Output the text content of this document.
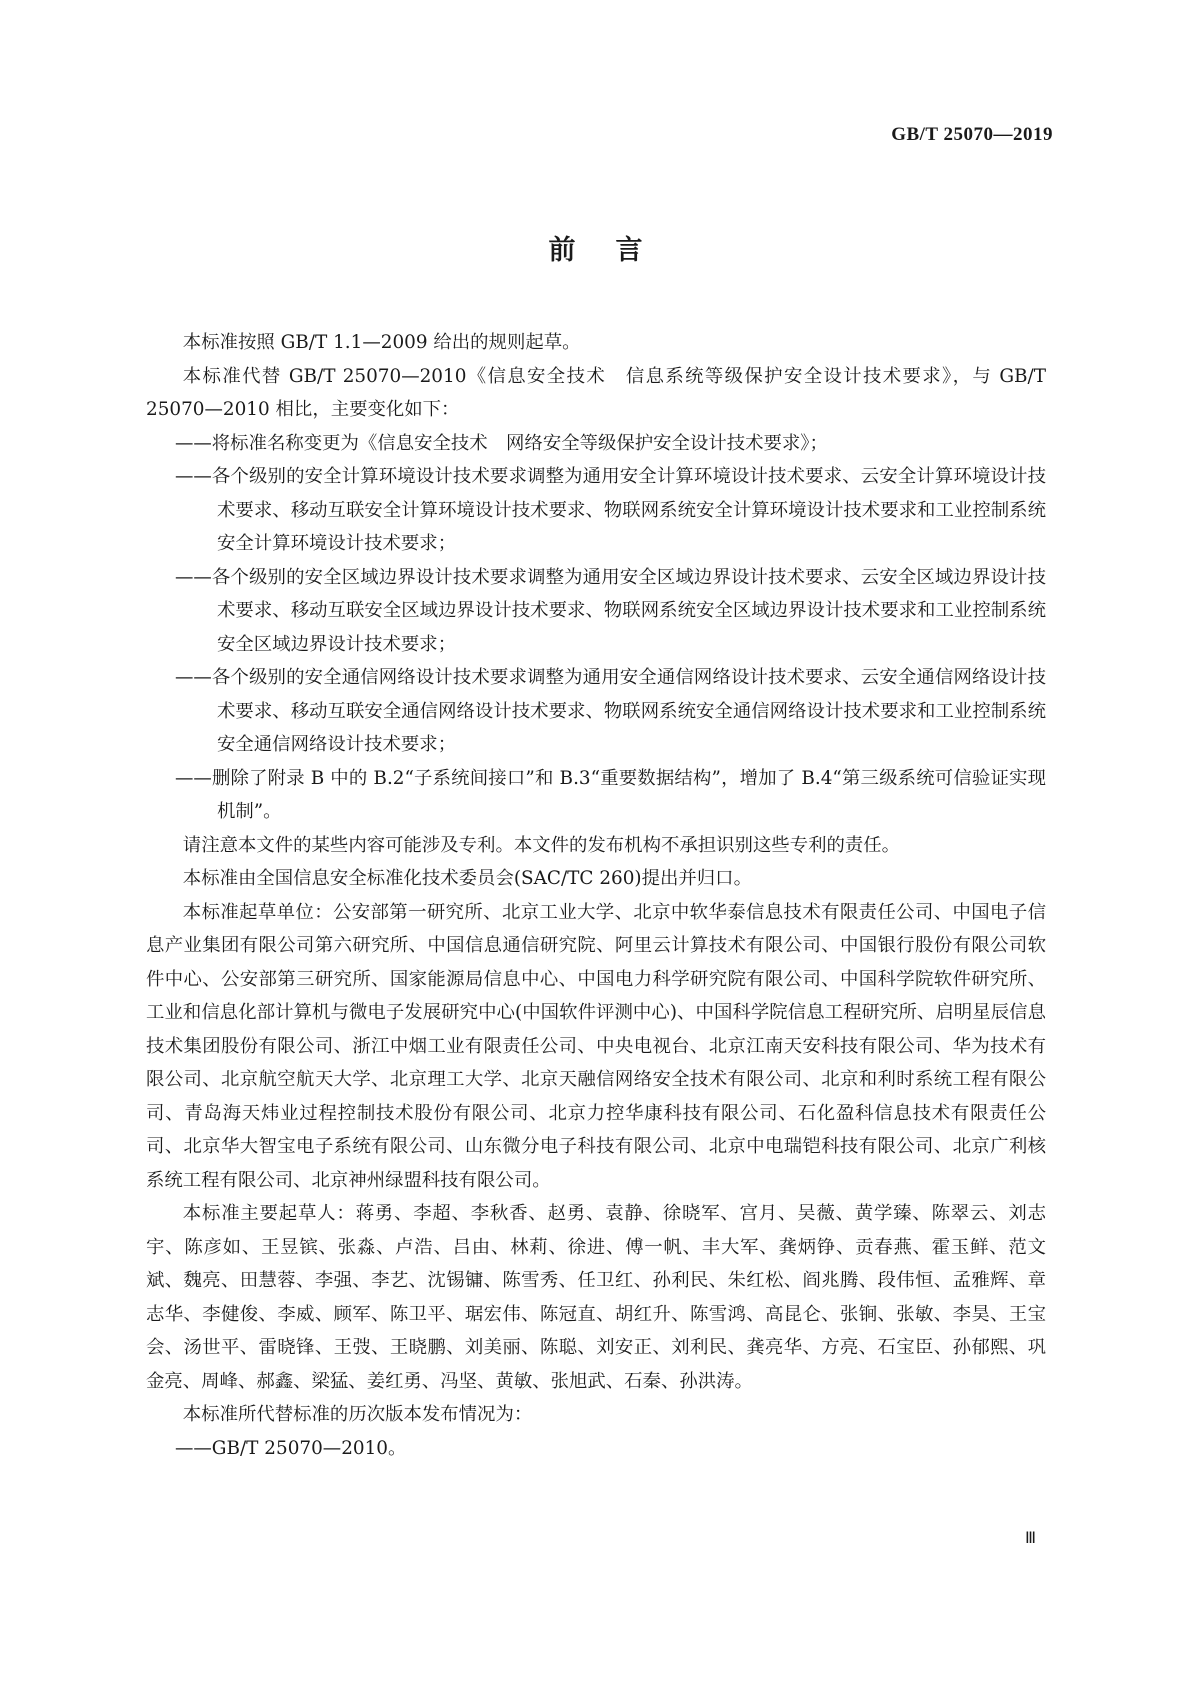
GB/T 25070—2019
前言

本标准按照 GB/T 1.1—2009 给出的规则起草。

本标准代替 GB/T 25070—2010《信息安全技术　信息系统等级保护安全设计技术要求》，与 GB/T 25070—2010 相比，主要变化如下：

——将标准名称变更为《信息安全技术　网络安全等级保护安全设计技术要求》；

——各个级别的安全计算环境设计技术要求调整为通用安全计算环境设计技术要求、云安全计算环境设计技术要求、移动互联安全计算环境设计技术要求、物联网系统安全计算环境设计技术要求和工业控制系统安全计算环境设计技术要求；

——各个级别的安全区域边界设计技术要求调整为通用安全区域边界设计技术要求、云安全区域边界设计技术要求、移动互联安全区域边界设计技术要求、物联网系统安全区域边界设计技术要求和工业控制系统安全区域边界设计技术要求；

——各个级别的安全通信网络设计技术要求调整为通用安全通信网络设计技术要求、云安全通信网络设计技术要求、移动互联安全通信网络设计技术要求、物联网系统安全通信网络设计技术要求和工业控制系统安全通信网络设计技术要求；

——删除了附录 B 中的 B.2“子系统间接口”和 B.3“重要数据结构”，增加了 B.4“第三级系统可信验证实现机制”。

请注意本文件的某些内容可能涉及专利。本文件的发布机构不承担识别这些专利的责任。

本标准由全国信息安全标准化技术委员会(SAC/TC 260)提出并归口。

本标准起草单位：公安部第一研究所、北京工业大学、北京中软华泰信息技术有限责任公司、中国电子信息产业集团有限公司第六研究所、中国信息通信研究院、阿里云计算技术有限公司、中国银行股份有限公司软件中心、公安部第三研究所、国家能源局信息中心、中国电力科学研究院有限公司、中国科学院软件研究所、工业和信息化部计算机与微电子发展研究中心(中国软件评测中心)、中国科学院信息工程研究所、启明星辰信息技术集团股份有限公司、浙江中烟工业有限责任公司、中央电视台、北京江南天安科技有限公司、华为技术有限公司、北京航空航天大学、北京理工大学、北京天融信网络安全技术有限公司、北京和利时系统工程有限公司、青岛海天炜业过程控制技术股份有限公司、北京力控华康科技有限公司、石化盈科信息技术有限责任公司、北京华大智宝电子系统有限公司、山东微分电子科技有限公司、北京中电瑞铠科技有限公司、北京广利核系统工程有限公司、北京神州绿盟科技有限公司。

本标准主要起草人：蒋勇、李超、李秋香、赵勇、袁静、徐晓军、宫月、吴薇、黄学臻、陈翠云、刘志宇、陈彦如、王昱镔、张淼、卢浩、吕由、林莉、徐进、傅一帆、丰大军、龚炳铮、贡春燕、霍玉鲜、范文斌、魏亮、田慧蓉、李强、李艺、沈锡镛、陈雪秀、任卫红、孙利民、朱红松、阎兆腾、段伟恒、孟雅辉、章志华、李健俊、李威、顾军、陈卫平、琚宏伟、陈冠直、胡红升、陈雪鸿、高昆仑、张锏、张敏、李昊、王宝会、汤世平、雷晓锋、王弢、王晓鹏、刘美丽、陈聪、刘安正、刘利民、龚亮华、方亮、石宝臣、孙郁熙、巩金亮、周峰、郝鑫、梁猛、姜红勇、冯坚、黄敏、张旭武、石秦、孙洪涛。

本标准所代替标准的历次版本发布情况为：

——GB/T 25070—2010。

Ⅲ
